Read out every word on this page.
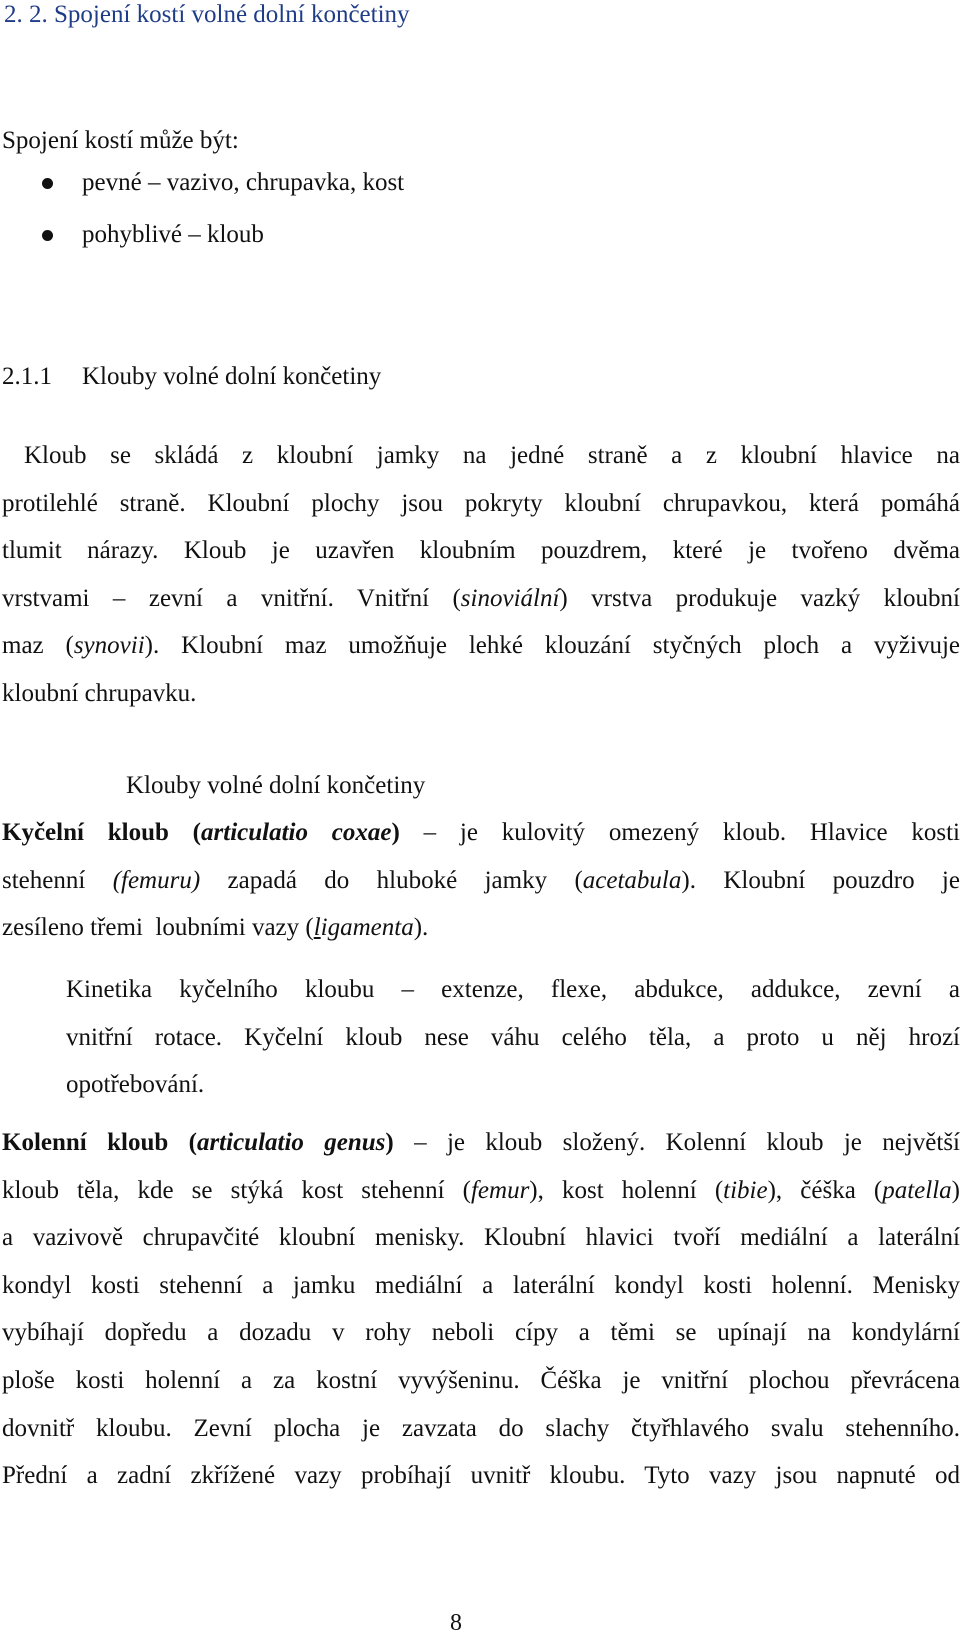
2. 2. Spojení kostí volné dolní končetiny
Spojení kostí může být:
pevné – vazivo, chrupavka, kost
pohyblivé – kloub
2.1.1 Klouby volné dolní končetiny
Kloub se skládá z kloubní jamky na jedné straně a z kloubní hlavice na
protilehlé straně. Kloubní plochy jsou pokryty kloubní chrupavkou, která pomáhá
tlumit nárazy. Kloub je uzavřen kloubním pouzdrem, které je tvořeno dvěma
vrstvami – zevní a vnitřní. Vnitřní (sinoviální) vrstva produkuje vazký kloubní
maz (synovii). Kloubní maz umožňuje lehké klouzání styčných ploch a vyživuje
kloubní chrupavku.
Klouby volné dolní končetiny
Kyčelní kloub (articulatio coxae) – je kulovitý omezený kloub. Hlavice kosti
stehenní (femuru) zapadá do hluboké jamky (acetabula). Kloubní pouzdro je
zesíleno třemi  loubními vazy (ligamenta).
Kinetika kyčelního kloubu – extenze, flexe, abdukce, addukce, zevní a
vnitřní rotace. Kyčelní kloub nese váhu celého těla, a proto u něj hrozí
opotřebování.
Kolenní kloub (articulatio genus) – je kloub složený. Kolenní kloub je největší
kloub těla, kde se stýká kost stehenní (femur), kost holenní (tibie), čéška (patella)
a vazivově chrupavčité kloubní menisky. Kloubní hlavici tvoří mediální a laterální
kondyl kosti stehenní a jamku mediální a laterální kondyl kosti holenní. Menisky
vybíhají dopředu a dozadu v rohy neboli cípy a těmi se upínají na kondylární
ploše kosti holenní a za kostní vyvýšeninu. Čéška je vnitřní plochou převrácena
dovnitř kloubu. Zevní plocha je zavzata do slachy čtyřhlavého svalu stehenního.
Přední a zadní zkřížené vazy probíhají uvnitř kloubu. Tyto vazy jsou napnuté od
8
